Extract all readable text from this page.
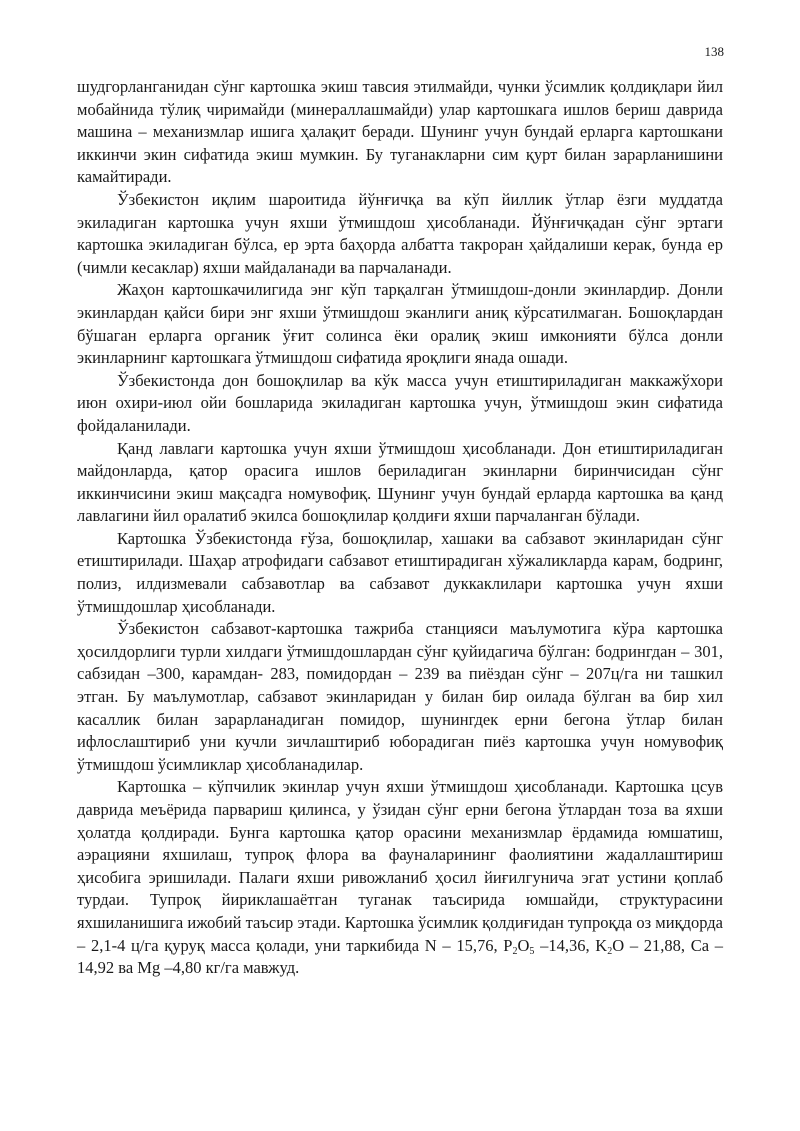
138

шудгорланганидан сўнг картошка экиш тавсия этилмайди, чунки ўсимлик қолдиқлари йил мобайнида тўлиқ чиримайди (минераллашмайди) улар картошкага ишлов бериш даврида машина – механизмлар ишига ҳалақит беради. Шунинг учун бундай ерларга картошкани иккинчи экин сифатида экиш мумкин. Бу туганакларни сим қурт билан зарарланишини камайтиради.

Ўзбекистон иқлим шароитида йўнғичқа ва кўп йиллик ўтлар ёзги муддатда экиладиган картошка учун яхши ўтмишдош ҳисобланади. Йўнғичқадан сўнг эртаги картошка экиладиган бўлса, ер эрта баҳорда албатта такроран ҳайдалиши керак, бунда ер (чимли кесаклар) яхши майдаланади ва парчаланади.

Жаҳон картошкачилигида энг кўп тарқалган ўтмишдош-донли экинлардир. Донли экинлардан қайси бири энг яхши ўтмишдош эканлиги аниқ кўрсатилмаган. Бошоқлардан бўшаган ерларга органик ўғит солинса ёки оралиқ экиш имконияти бўлса донли экинларнинг картошкага ўтмишдош сифатида яроқлиги янада ошади.

Ўзбекистонда дон бошоқлилар ва кўк масса учун етиштириладиган маккажўхори июн охири-июл ойи бошларида экиладиган картошка учун, ўтмишдош экин сифатида фойдаланилади.

Қанд лавлаги картошка учун яхши ўтмишдош ҳисобланади. Дон етиштириладиган майдонларда, қатор орасига ишлов бериладиган экинларни биринчисидан сўнг иккинчисини экиш мақсадга номувофиқ. Шунинг учун бундай ерларда картошка ва қанд лавлагини йил оралатиб экилса бошоқлилар қолдиғи яхши парчаланган бўлади.

Картошка Ўзбекистонда ғўза, бошоқлилар, хашаки ва сабзавот экинларидан сўнг етиштирилади. Шаҳар атрофидаги сабзавот етиштирадиган хўжаликларда карам, бодринг, полиз, илдизмевали сабзавотлар ва сабзавот дуккаклилари картошка учун яхши ўтмишдошлар ҳисобланади.

Ўзбекистон сабзавот-картошка тажриба станцияси маълумотига кўра картошка ҳосилдорлиги турли хилдаги ўтмишдошлардан сўнг қуйидагича бўлган: бодрингдан – 301, сабзидан –300, карамдан- 283, помидордан – 239 ва пиёздан сўнг – 207ц/га ни ташкил этган. Бу маълумотлар, сабзавот экинларидан у билан бир оилада бўлган ва бир хил касаллик билан зарарланадиган помидор, шунингдек ерни бегона ўтлар билан ифлослаштириб уни кучли зичлаштириб юборадиган пиёз картошка учун номувофиқ ўтмишдош ўсимликлар ҳисобланадилар.

Картошка – кўпчилик экинлар учун яхши ўтмишдош ҳисобланади. Картошка цсув даврида меъёрида парвариш қилинса, у ўзидан сўнг ерни бегона ўтлардан тоза ва яхши ҳолатда қолдиради. Бунга картошка қатор орасини механизмлар ёрдамида юмшатиш, аэрацияни яхшилаш, тупроқ флора ва фауналарининг фаолиятини жадаллаштириш ҳисобига эришилади. Палаги яхши ривожланиб ҳосил йиғилгунича эгат устини қоплаб турдаи. Тупроқ йириклашаётган туганак таъсирида юмшайди, структурасини яхшиланишига ижобий таъсир этади. Картошка ўсимлик қолдиғидан тупроқда оз миқдорда – 2,1-4 ц/га қуруқ масса қолади, уни таркибида N – 15,76, $P_2O_5$ –14,36, $K_2O - 21,88$, Ca –14,92 ва Mg –4,80 кг/га мавжуд.
